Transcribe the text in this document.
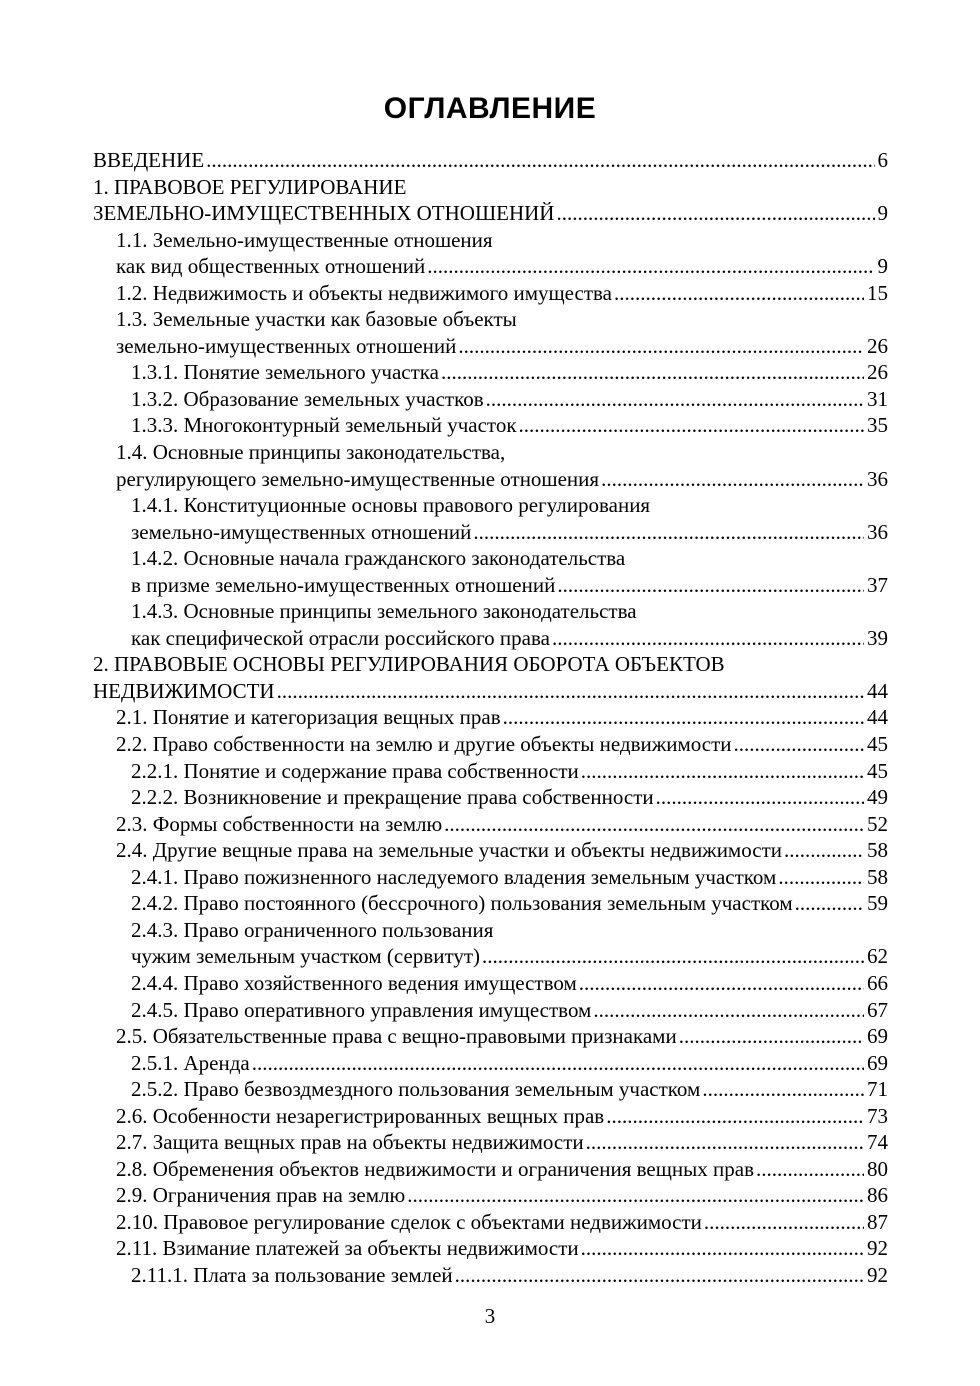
ОГЛАВЛЕНИЕ
ВВЕДЕНИЕ .....	6
1. ПРАВОВОЕ РЕГУЛИРОВАНИЕ
ЗЕМЕЛЬНО-ИМУЩЕСТВЕННЫХ ОТНОШЕНИЙ .....	9
1.1. Земельно-имущественные отношения
как вид общественных отношений .....	9
1.2. Недвижимость и объекты недвижимого имущества .....	15
1.3. Земельные участки как базовые объекты
земельно-имущественных отношений .....	26
1.3.1. Понятие земельного участка .....	26
1.3.2. Образование земельных участков .....	31
1.3.3. Многоконтурный земельный участок .....	35
1.4. Основные принципы законодательства,
регулирующего земельно-имущественные отношения .....	36
1.4.1. Конституционные основы правового регулирования
земельно-имущественных отношений .....	36
1.4.2. Основные начала гражданского законодательства
в призме земельно-имущественных отношений .....	37
1.4.3. Основные принципы земельного законодательства
как специфической отрасли российского права .....	39
2. ПРАВОВЫЕ ОСНОВЫ РЕГУЛИРОВАНИЯ ОБОРОТА ОБЪЕКТОВ
НЕДВИЖИМОСТИ .....	44
2.1. Понятие и категоризация вещных прав .....	44
2.2. Право собственности на землю и другие объекты недвижимости .....	45
2.2.1. Понятие и содержание права собственности .....	45
2.2.2. Возникновение и прекращение права собственности .....	49
2.3. Формы собственности на землю .....	52
2.4. Другие вещные права на земельные участки и объекты недвижимости .....	58
2.4.1. Право пожизненного наследуемого владения земельным участком .....	58
2.4.2. Право постоянного (бессрочного) пользования земельным участком .....	59
2.4.3. Право ограниченного пользования
чужим земельным участком (сервитут) .....	62
2.4.4. Право хозяйственного ведения имуществом .....	66
2.4.5. Право оперативного управления имуществом .....	67
2.5. Обязательственные права с вещно-правовыми признаками .....	69
2.5.1. Аренда .....	69
2.5.2. Право безвоздмездного пользования земельным участком .....	71
2.6. Особенности незарегистрированных вещных прав .....	73
2.7. Защита вещных прав на объекты недвижимости .....	74
2.8. Обременения объектов недвижимости и ограничения вещных прав .....	80
2.9. Ограничения прав на землю .....	86
2.10. Правовое регулирование сделок с объектами недвижимости .....	87
2.11. Взимание платежей за объекты недвижимости .....	92
2.11.1. Плата за пользование землей .....	92
3
